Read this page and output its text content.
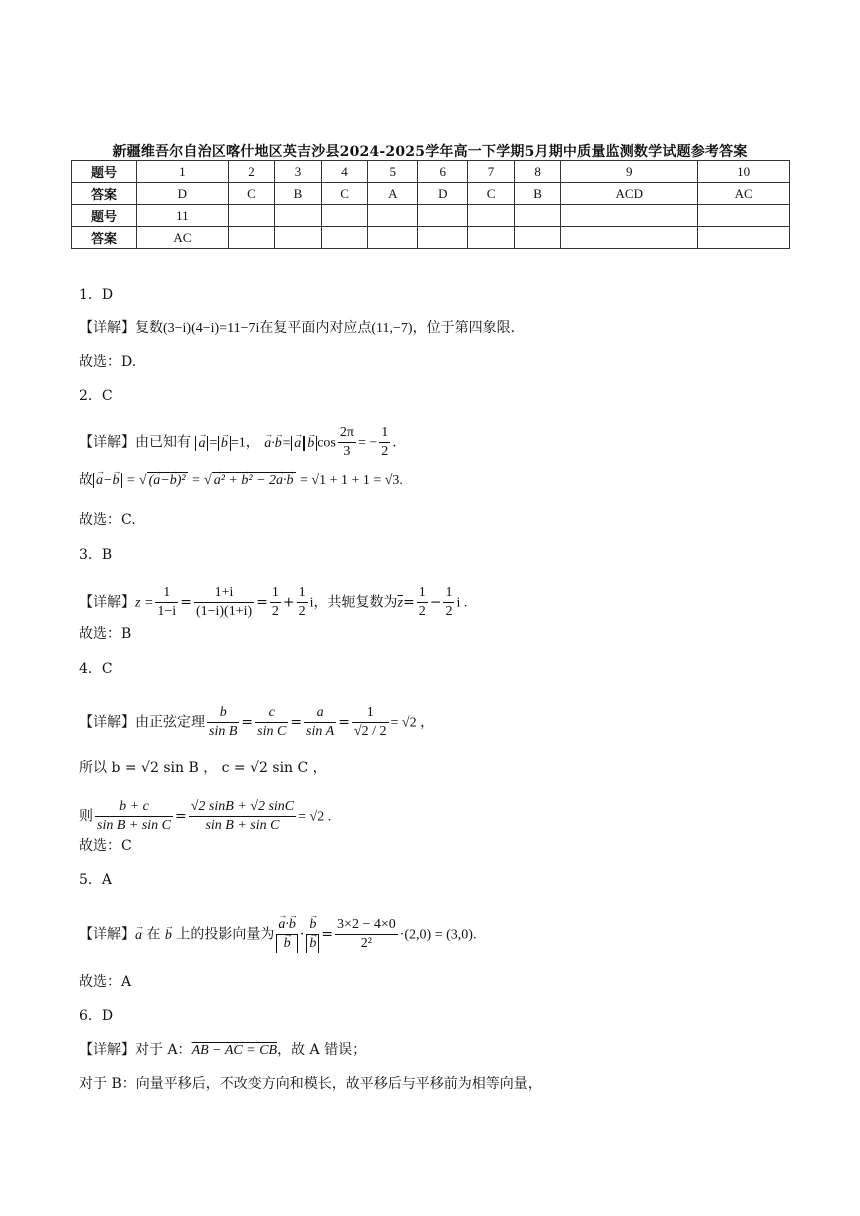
新疆维吾尔自治区喀什地区英吉沙县2024-2025学年高一下学期5月期中质量监测数学试题参考答案
题号	1	2	3	4	5	6	7	8	9	10
答案	D	C	B	C	A	D	C	B	ACD	AC
题号	11									
答案	AC									
1．D
【详解】复数(3−i)(4−i)=11−7i在复平面内对应点(11,−7)，位于第四象限.
故选：D.
2．C
【详解】由已知有 → a = → b =1， → a·→ b= → a → b $\cos \frac{2\pi}{3}$ = − $\frac{1}{2}$ .
故 → a−→ b = √ (→ a−→ b)² = √ → a² + → b² − 2→ a·→ b = √1 + 1 + 1 = √3.
故选：C.
3．B
【详解】$z = \frac{1}{1-i} = \frac{1+i}{(1-i)(1+i)} = \frac{1}{2} + \frac{1}{2}$ i，共轭复数为$\overline{z}= \frac{1}{2} - \frac{1}{2}$ i .
故选：B
4．C
【详解】由正弦定理 $\frac{b}{\text{sin B}} = \frac{c}{\text{sin C}} = \frac{a}{\text{sin A}} = \frac{1}{√2 / 2} = √2$ ，
所以 b = √2 sin B ， c = √2 sin C ，
则 $\frac{b + c}{\text{sin B + sin C}} = \frac{√2 \sin B + √2 \sin C}{\text{sin B + sin C}} = √2$ .
故选：C
5．A
【详解】→ a 在 → b 上的投影向量为 → a·→ b
→ b · → b
→ $b = \frac{3\times 2 - 4\times 0}{\text{2²}} \cdot(2,0) = (3,0)$.
故选：A
6．D
【详解】对于 A：AB − AC = CB，故 A 错误；
对于 B：向量平移后，不改变方向和模长，故平移后与平移前为相等向量，
